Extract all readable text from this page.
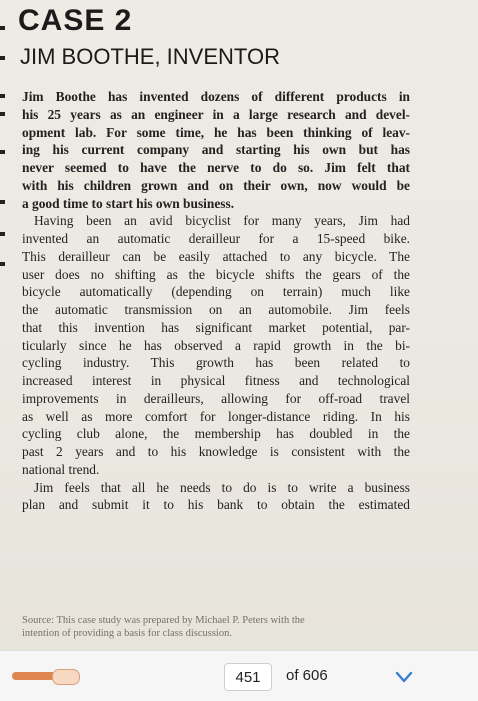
CASE 2
JIM BOOTHE, INVENTOR
Jim Boothe has invented dozens of different products in
his 25 years as an engineer in a large research and devel-
opment lab. For some time, he has been thinking of leav-
ing his current company and starting his own but has
never seemed to have the nerve to do so. Jim felt that
with his children grown and on their own, now would be
a good time to start his own business.
Having been an avid bicyclist for many years, Jim had
invented an automatic derailleur for a 15-speed bike.
This derailleur can be easily attached to any bicycle. The
user does no shifting as the bicycle shifts the gears of the
bicycle automatically (depending on terrain) much like
the automatic transmission on an automobile. Jim feels
that this invention has significant market potential, par-
ticularly since he has observed a rapid growth in the bi-
cycling industry. This growth has been related to
increased interest in physical fitness and technological
improvements in derailleurs, allowing for off-road travel
as well as more comfort for longer-distance riding. In his
cycling club alone, the membership has doubled in the
past 2 years and to his knowledge is consistent with the
national trend.
Jim feels that all he needs to do is to write a business
plan and submit it to his bank to obtain the estimated
Source: This case study was prepared by Michael P. Peters with the
intention of providing a basis for class discussion.
451	of 606
